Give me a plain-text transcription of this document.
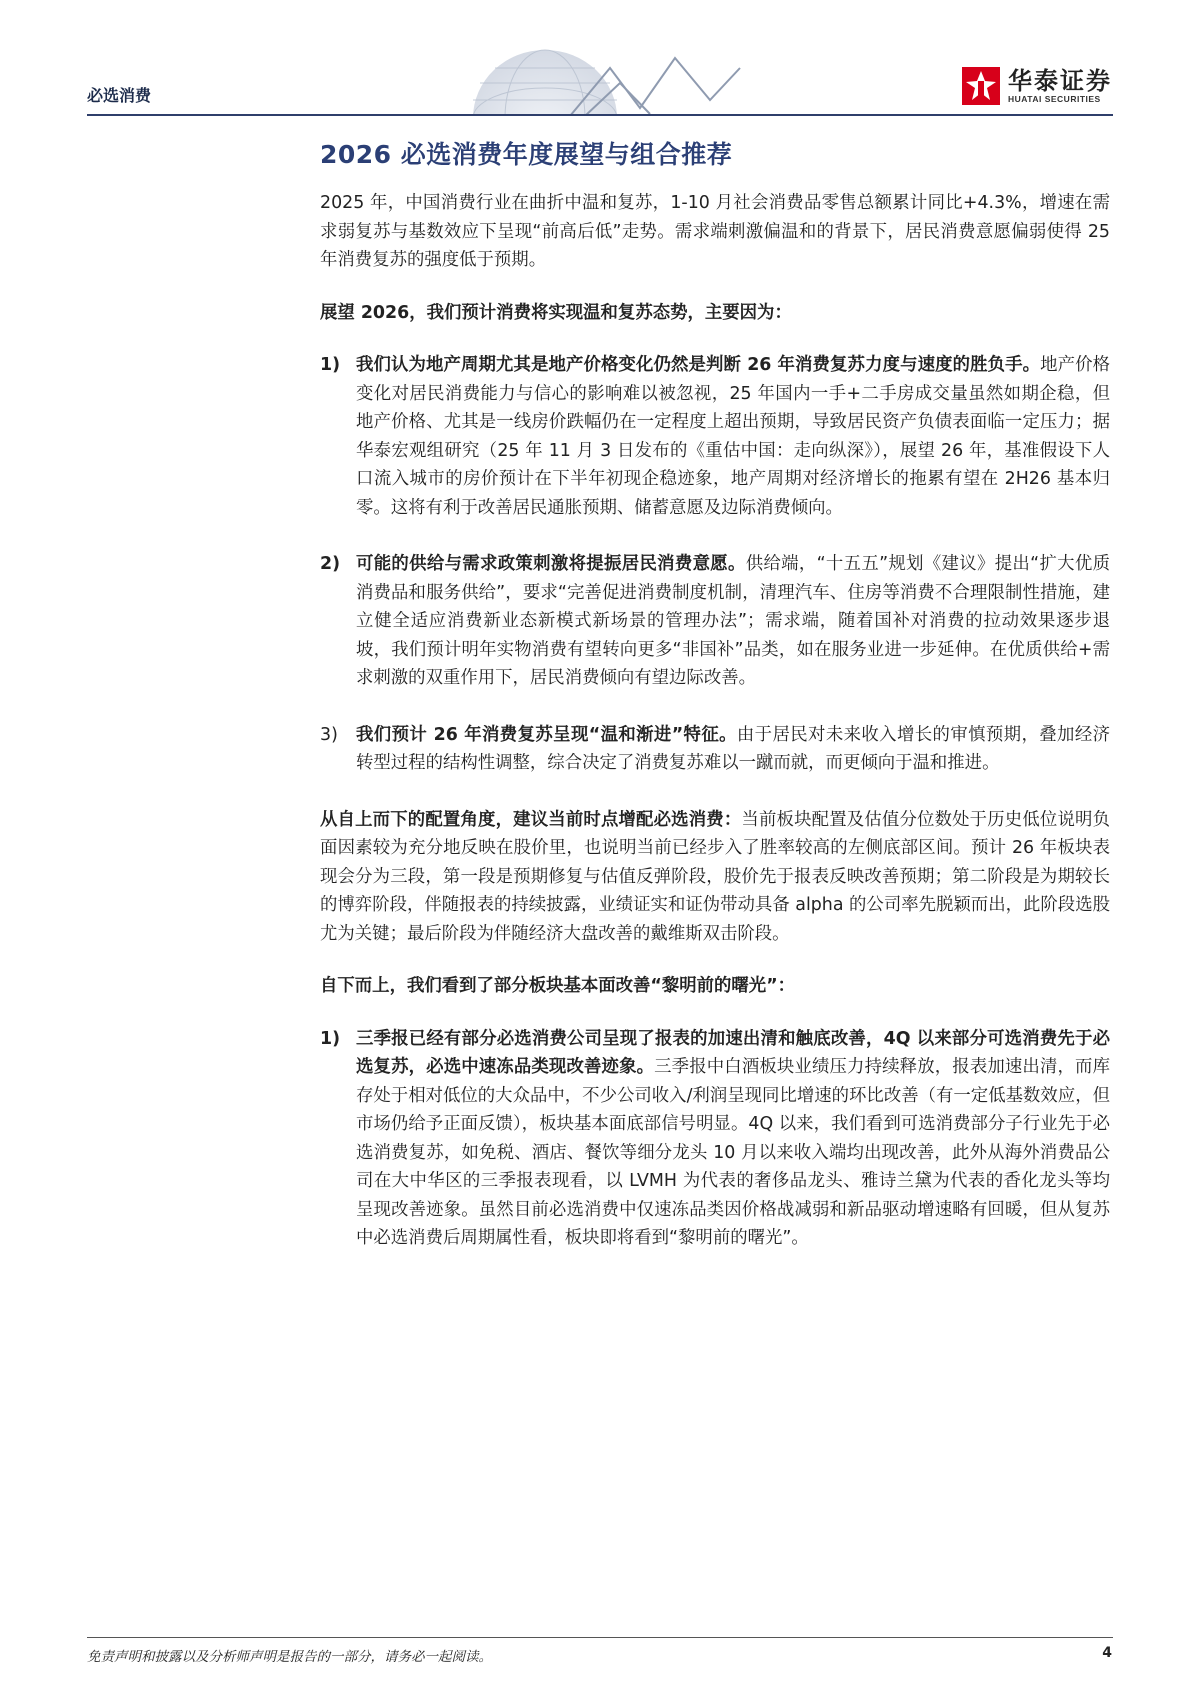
必选消费
华泰证券
HUATAI SECURITIES
2026 必选消费年度展望与组合推荐

2025 年，中国消费行业在曲折中温和复苏，1-10 月社会消费品零售总额累计同比+4.3%，增速在需求弱复苏与基数效应下呈现“前高后低”走势。需求端刺激偏温和的背景下，居民消费意愿偏弱使得 25 年消费复苏的强度低于预期。

展望 2026，我们预计消费将实现温和复苏态势，主要因为：

1) 我们认为地产周期尤其是地产价格变化仍然是判断 26 年消费复苏力度与速度的胜负手。地产价格变化对居民消费能力与信心的影响难以被忽视，25 年国内一手+二手房成交量虽然如期企稳，但地产价格、尤其是一线房价跌幅仍在一定程度上超出预期，导致居民资产负债表面临一定压力；据华泰宏观组研究（25 年 11 月 3 日发布的《重估中国：走向纵深》），展望 26 年，基准假设下人口流入城市的房价预计在下半年初现企稳迹象，地产周期对经济增长的拖累有望在 2H26 基本归零。这将有利于改善居民通胀预期、储蓄意愿及边际消费倾向。
2) 可能的供给与需求政策刺激将提振居民消费意愿。供给端，“十五五”规划《建议》提出“扩大优质消费品和服务供给”，要求“完善促进消费制度机制，清理汽车、住房等消费不合理限制性措施，建立健全适应消费新业态新模式新场景的管理办法”；需求端，随着国补对消费的拉动效果逐步退坡，我们预计明年实物消费有望转向更多“非国补”品类，如在服务业进一步延伸。在优质供给+需求刺激的双重作用下，居民消费倾向有望边际改善。
3)	我们预计 26 年消费复苏呈现“温和渐进”特征。由于居民对未来收入增长的审慎预期，叠加经济转型过程的结构性调整，综合决定了消费复苏难以一蹴而就，而更倾向于温和推进。

从自上而下的配置角度，建议当前时点增配必选消费：当前板块配置及估值分位数处于历史低位说明负面因素较为充分地反映在股价里，也说明当前已经步入了胜率较高的左侧底部区间。预计 26 年板块表现会分为三段，第一段是预期修复与估值反弹阶段，股价先于报表反映改善预期；第二阶段是为期较长的博弈阶段，伴随报表的持续披露，业绩证实和证伪带动具备 alpha 的公司率先脱颖而出，此阶段选股尤为关键；最后阶段为伴随经济大盘改善的戴维斯双击阶段。

自下而上，我们看到了部分板块基本面改善“黎明前的曙光”：

1) 三季报已经有部分必选消费公司呈现了报表的加速出清和触底改善，4Q 以来部分可选消费先于必选复苏，必选中速冻品类现改善迹象。三季报中白酒板块业绩压力持续释放，报表加速出清，而库存处于相对低位的大众品中，不少公司收入/利润呈现同比增速的环比改善（有一定低基数效应，但市场仍给予正面反馈），板块基本面底部信号明显。4Q 以来，我们看到可选消费部分子行业先于必选消费复苏，如免税、酒店、餐饮等细分龙头 10 月以来收入端均出现改善，此外从海外消费品公司在大中华区的三季报表现看，以 LVMH 为代表的奢侈品龙头、雅诗兰黛为代表的香化龙头等均呈现改善迹象。虽然目前必选消费中仅速冻品类因价格战减弱和新品驱动增速略有回暖，但从复苏中必选消费后周期属性看，板块即将看到“黎明前的曙光”。
免责声明和披露以及分析师声明是报告的一部分，请务必一起阅读。	4
